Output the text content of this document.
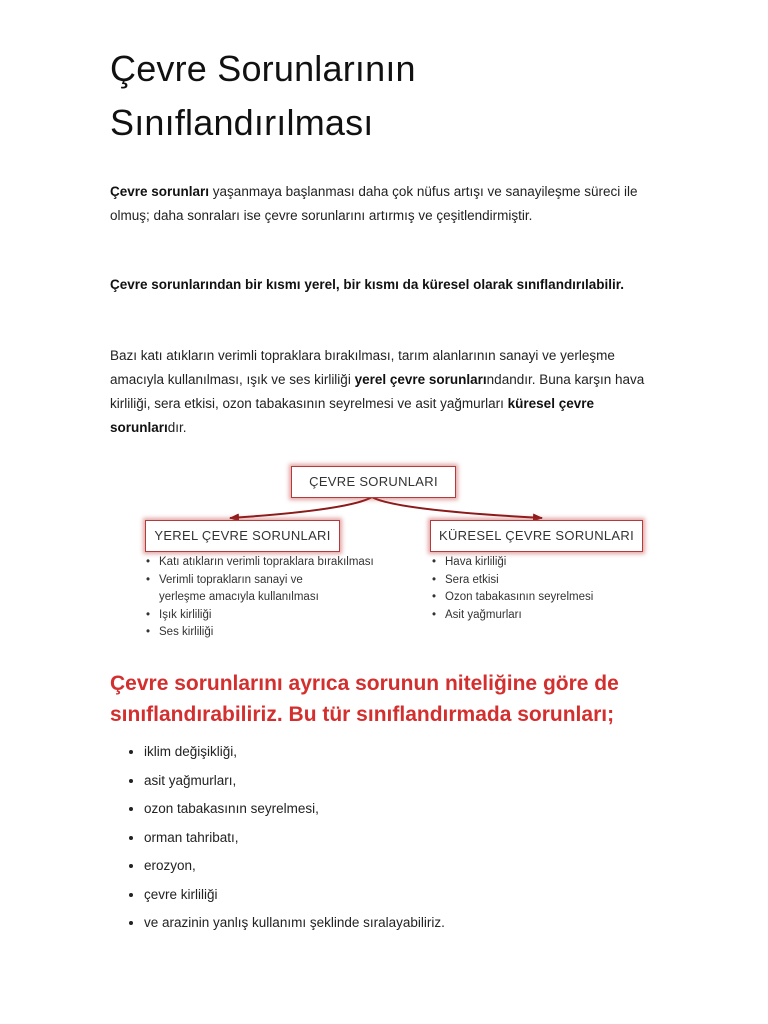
Çevre Sorunlarının Sınıflandırılması

Çevre sorunları yaşanmaya başlanması daha çok nüfus artışı ve sanayileşme süreci ile olmuş; daha sonraları ise çevre sorunlarını artırmış ve çeşitlendirmiştir.

Çevre sorunlarından bir kısmı yerel, bir kısmı da küresel olarak sınıflandırılabilir.

Bazı katı atıkların verimli topraklara bırakılması, tarım alanlarının sanayi ve yerleşme amacıyla kullanılması, ışık ve ses kirliliği yerel çevre sorunlarındandır. Buna karşın hava kirliliği, sera etkisi, ozon tabakasının seyrelmesi ve asit yağmurları küresel çevre sorunlarıdır.

ÇEVRE SORUNLARI
YEREL ÇEVRE SORUNLARI	KÜRESEL ÇEVRE SORUNLARI
• Katı atıkların verimli topraklara bırakılması
• Verimli toprakların sanayi ve
yerleşme amacıyla kullanılması
• Işık kirliliği
• Ses kirliliği
• Hava kirliliği
• Sera etkisi
• Ozon tabakasının seyrelmesi
• Asit yağmurları
Çevre sorunlarını ayrıca sorunun niteliğine göre de sınıflandırabiliriz. Bu tür sınıflandırmada sorunları;
• iklim değişikliği,
• asit yağmurları,
• ozon tabakasının seyrelmesi,
• orman tahribatı,
• erozyon,
• çevre kirliliği
• ve arazinin yanlış kullanımı şeklinde sıralayabiliriz.
